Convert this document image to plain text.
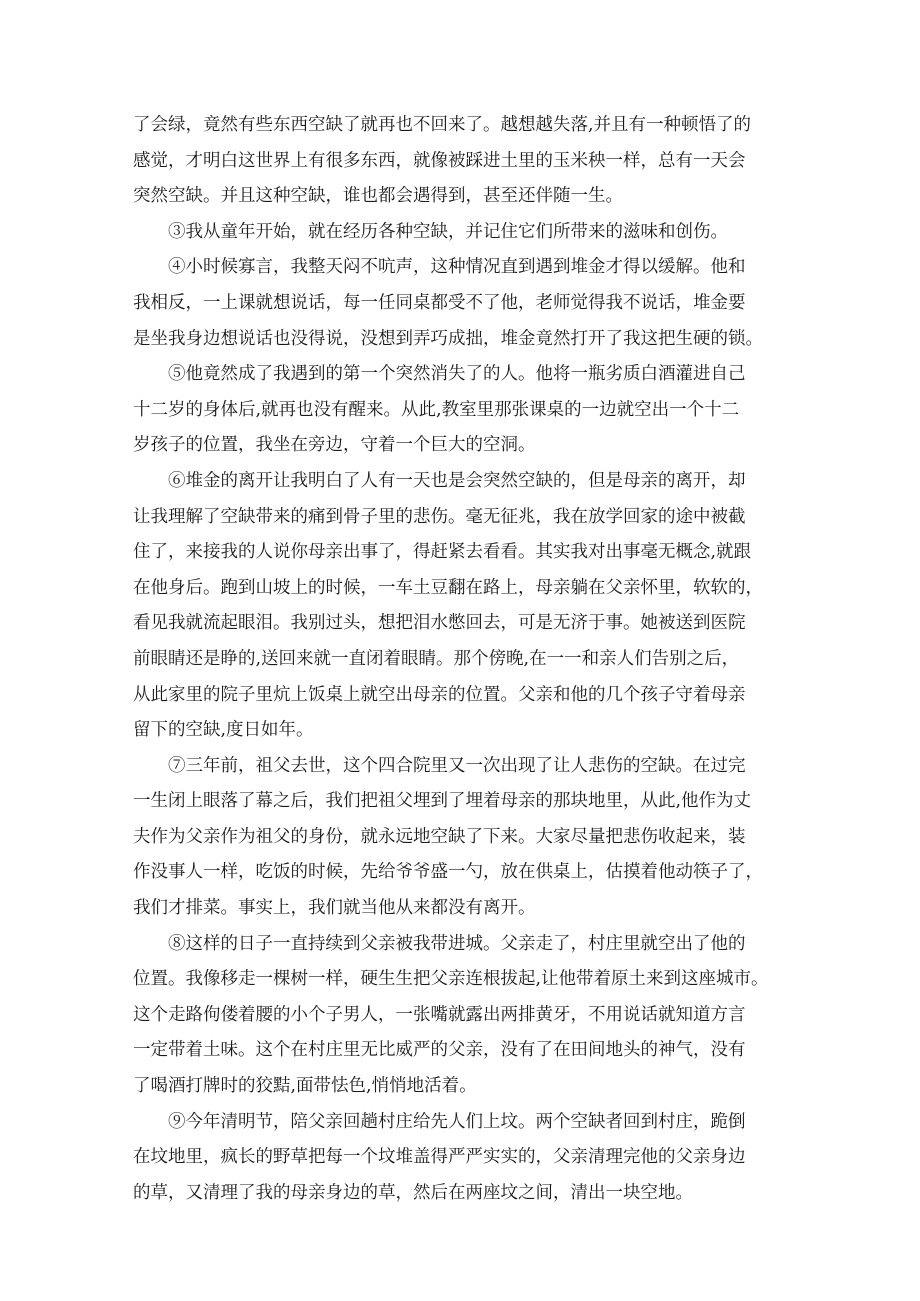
了会绿，竟然有些东西空缺了就再也不回来了。越想越失落,并且有一种顿悟了的
感觉，才明白这世界上有很多东西，就像被踩进土里的玉米秧一样，总有一天会
突然空缺。并且这种空缺，谁也都会遇得到，甚至还伴随一生。
③我从童年开始，就在经历各种空缺，并记住它们所带来的滋味和创伤。
④小时候寡言，我整天闷不吭声，这种情况直到遇到堆金才得以缓解。他和
我相反，一上课就想说话，每一任同桌都受不了他，老师觉得我不说话，堆金要
是坐我身边想说话也没得说，没想到弄巧成拙，堆金竟然打开了我这把生硬的锁。
⑤他竟然成了我遇到的第一个突然消失了的人。他将一瓶劣质白酒灌进自己
十二岁的身体后,就再也没有醒来。从此,教室里那张课桌的一边就空出一个十二
岁孩子的位置，我坐在旁边，守着一个巨大的空洞。
⑥堆金的离开让我明白了人有一天也是会突然空缺的，但是母亲的离开，却
让我理解了空缺带来的痛到骨子里的悲伤。毫无征兆，我在放学回家的途中被截
住了，来接我的人说你母亲出事了，得赶紧去看看。其实我对出事毫无概念,就跟
在他身后。跑到山坡上的时候，一车土豆翻在路上，母亲躺在父亲怀里，软软的，
看见我就流起眼泪。我别过头，想把泪水憋回去，可是无济于事。她被送到医院
前眼睛还是睁的,送回来就一直闭着眼睛。那个傍晚,在一一和亲人们告别之后，
从此家里的院子里炕上饭桌上就空出母亲的位置。父亲和他的几个孩子守着母亲
留下的空缺,度日如年。
⑦三年前，祖父去世，这个四合院里又一次出现了让人悲伤的空缺。在过完
一生闭上眼落了幕之后，我们把祖父埋到了埋着母亲的那块地里，从此,他作为丈
夫作为父亲作为祖父的身份，就永远地空缺了下来。大家尽量把悲伤收起来，装
作没事人一样，吃饭的时候，先给爷爷盛一勺，放在供桌上，估摸着他动筷子了，
我们才排菜。事实上，我们就当他从来都没有离开。
⑧这样的日子一直持续到父亲被我带进城。父亲走了，村庄里就空出了他的
位置。我像移走一棵树一样，硬生生把父亲连根拔起,让他带着原土来到这座城市。
这个走路佝偻着腰的小个子男人，一张嘴就露出两排黄牙，不用说话就知道方言
一定带着土味。这个在村庄里无比威严的父亲，没有了在田间地头的神气，没有
了喝酒打牌时的狡黠,面带怯色,悄悄地活着。
⑨今年清明节，陪父亲回趟村庄给先人们上坟。两个空缺者回到村庄，跪倒
在坟地里，疯长的野草把每一个坟堆盖得严严实实的，父亲清理完他的父亲身边
的草，又清理了我的母亲身边的草，然后在两座坟之间，清出一块空地。
